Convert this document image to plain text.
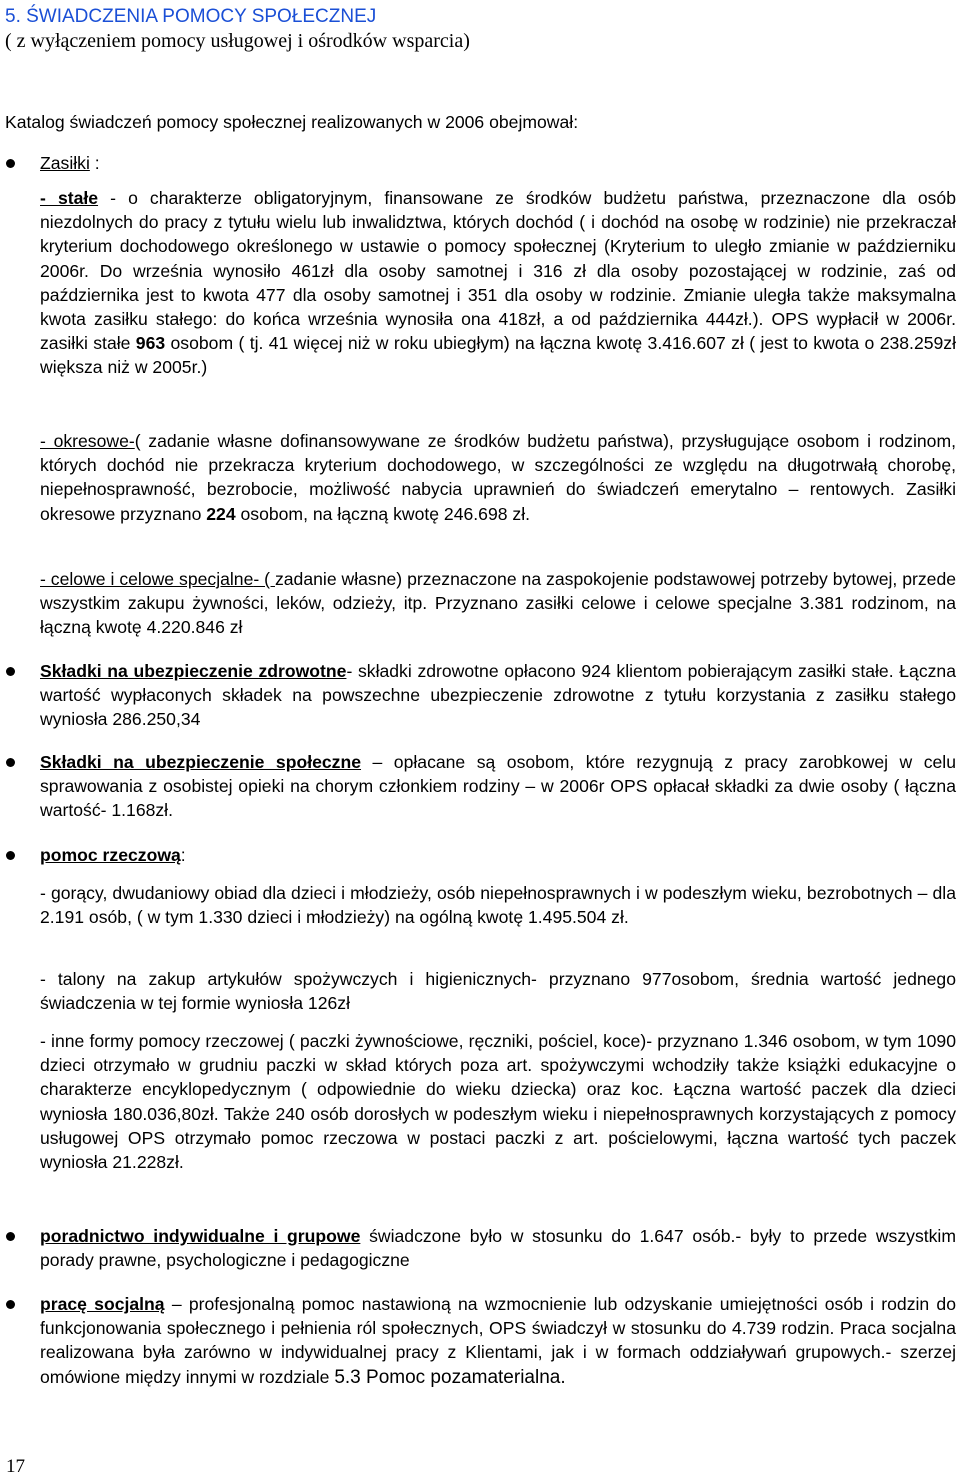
5. ŚWIADCZENIA POMOCY SPOŁECZNEJ
( z wyłączeniem pomocy usługowej i ośrodków wsparcia)
Katalog świadczeń pomocy społecznej realizowanych w 2006 obejmował:
Zasiłki :

- stałe - o charakterze obligatoryjnym, finansowane ze środków budżetu państwa, przeznaczone dla osób niezdolnych do pracy z tytułu wielu lub inwalidztwa, których dochód ( i dochód na osobę w rodzinie) nie przekraczał kryterium dochodowego określonego w ustawie o pomocy społecznej (Kryterium to uległo zmianie w październiku 2006r. Do września wynosiło 461zł dla osoby samotnej i 316 zł dla osoby pozostającej w rodzinie, zaś od października jest to kwota 477 dla osoby samotnej i 351 dla osoby w rodzinie. Zmianie uległa także maksymalna kwota zasiłku stałego: do końca września wynosiła ona 418zł, a od października 444zł.). OPS wypłacił w 2006r. zasiłki stałe 963 osobom ( tj. 41 więcej niż w roku ubiegłym) na łączna kwotę 3.416.607 zł ( jest to kwota o 238.259zł większa niż w 2005r.)

- okresowe-( zadanie własne dofinansowywane ze środków budżetu państwa), przysługujące osobom i rodzinom, których dochód nie przekracza kryterium dochodowego, w szczególności ze względu na długotrwałą chorobę, niepełnosprawność, bezrobocie, możliwość nabycia uprawnień do świadczeń emerytalno – rentowych. Zasiłki okresowe przyznano 224 osobom, na łączną kwotę 246.698 zł.

- celowe i celowe specjalne- ( zadanie własne) przeznaczone na zaspokojenie podstawowej potrzeby bytowej, przede wszystkim zakupu żywności, leków, odzieży, itp. Przyznano zasiłki celowe i celowe specjalne 3.381 rodzinom, na łączną kwotę 4.220.846 zł

Składki na ubezpieczenie zdrowotne- składki zdrowotne opłacono 924 klientom pobierającym zasiłki stałe. Łączna wartość wypłaconych składek na powszechne ubezpieczenie zdrowotne z tytułu korzystania z zasiłku stałego wyniosła 286.250,34

Składki na ubezpieczenie społeczne – opłacane są osobom, które rezygnują z pracy zarobkowej w celu sprawowania z osobistej opieki na chorym członkiem rodziny – w 2006r OPS opłacał składki za dwie osoby ( łączna wartość- 1.168zł.

pomoc rzeczową:

- gorący, dwudaniowy obiad dla dzieci i młodzieży, osób niepełnosprawnych i w podeszłym wieku, bezrobotnych – dla 2.191 osób, ( w tym 1.330 dzieci i młodzieży) na ogólną kwotę 1.495.504 zł.

- talony na zakup artykułów spożywczych i higienicznych- przyznano 977osobom, średnia wartość jednego świadczenia w tej formie wyniosła 126zł

- inne formy pomocy rzeczowej ( paczki żywnościowe, ręczniki, pościel, koce)- przyznano 1.346 osobom, w tym 1090 dzieci otrzymało w grudniu paczki w skład których poza art. spożywczymi wchodziły także książki edukacyjne o charakterze encyklopedycznym ( odpowiednie do wieku dziecka) oraz koc. Łączna wartość paczek dla dzieci wyniosła 180.036,80zł. Także 240 osób dorosłych w podeszłym wieku i niepełnosprawnych korzystających z pomocy usługowej OPS otrzymało pomoc rzeczowa w postaci paczki z art. pościelowymi, łączna wartość tych paczek wyniosła 21.228zł.

poradnictwo indywidualne i grupowe świadczone było w stosunku do 1.647 osób.- były to przede wszystkim porady prawne, psychologiczne i pedagogiczne

pracę socjalną – profesjonalną pomoc nastawioną na wzmocnienie lub odzyskanie umiejętności osób i rodzin do funkcjonowania społecznego i pełnienia ról społecznych, OPS świadczył w stosunku do 4.739 rodzin. Praca socjalna realizowana była zarówno w indywidualnej pracy z Klientami, jak i w formach oddziaływań grupowych.- szerzej omówione między innymi w rozdziale 5.3 Pomoc pozamaterialna.

17
